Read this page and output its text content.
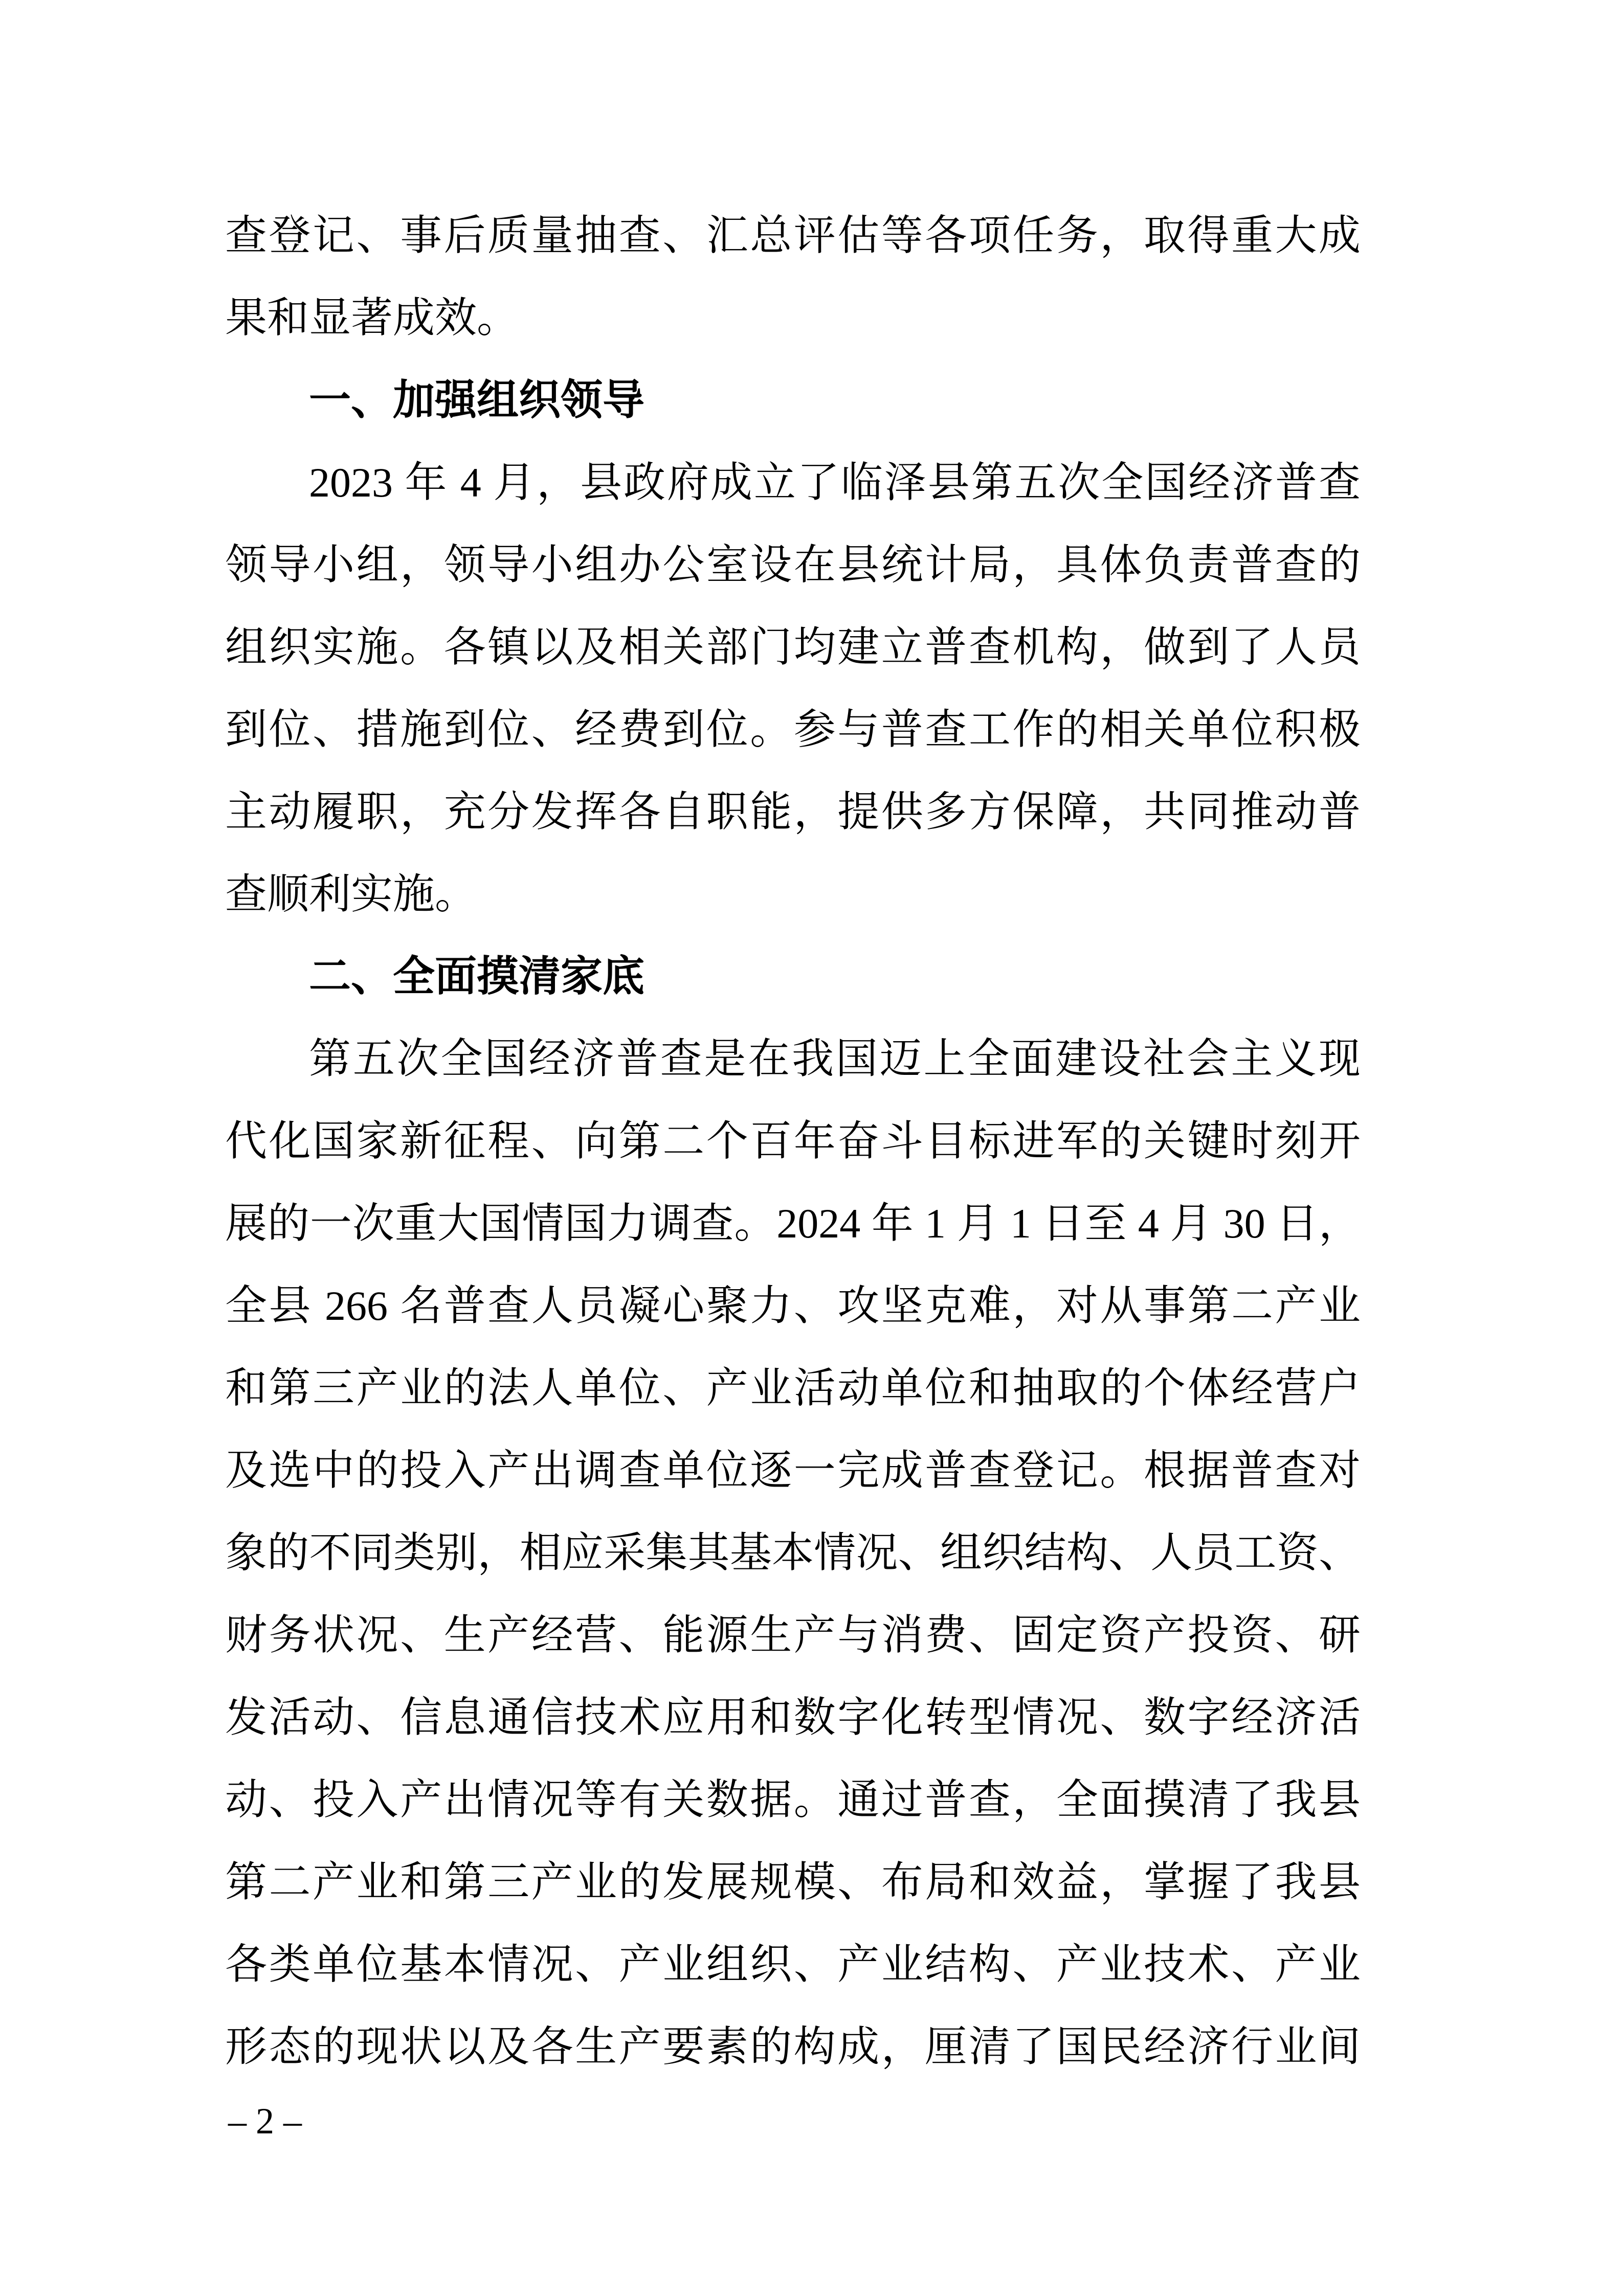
查登记、事后质量抽查、汇总评估等各项任务，取得重大成
果和显著成效。
一、加强组织领导
2023 年 4 月，县政府成立了临泽县第五次全国经济普查
领导小组，领导小组办公室设在县统计局，具体负责普查的
组织实施。各镇以及相关部门均建立普查机构，做到了人员
到位、措施到位、经费到位。参与普查工作的相关单位积极
主动履职，充分发挥各自职能，提供多方保障，共同推动普
查顺利实施。
二、全面摸清家底
第五次全国经济普查是在我国迈上全面建设社会主义现
代化国家新征程、向第二个百年奋斗目标进军的关键时刻开
展的一次重大国情国力调查。2024 年 1 月 1 日至 4 月 30 日，
全县 266 名普查人员凝心聚力、攻坚克难，对从事第二产业
和第三产业的法人单位、产业活动单位和抽取的个体经营户
及选中的投入产出调查单位逐一完成普查登记。根据普查对
象的不同类别，相应采集其基本情况、组织结构、人员工资、
财务状况、生产经营、能源生产与消费、固定资产投资、研
发活动、信息通信技术应用和数字化转型情况、数字经济活
动、投入产出情况等有关数据。通过普查，全面摸清了我县
第二产业和第三产业的发展规模、布局和效益，掌握了我县
各类单位基本情况、产业组织、产业结构、产业技术、产业
形态的现状以及各生产要素的构成，厘清了国民经济行业间
– 2 –
